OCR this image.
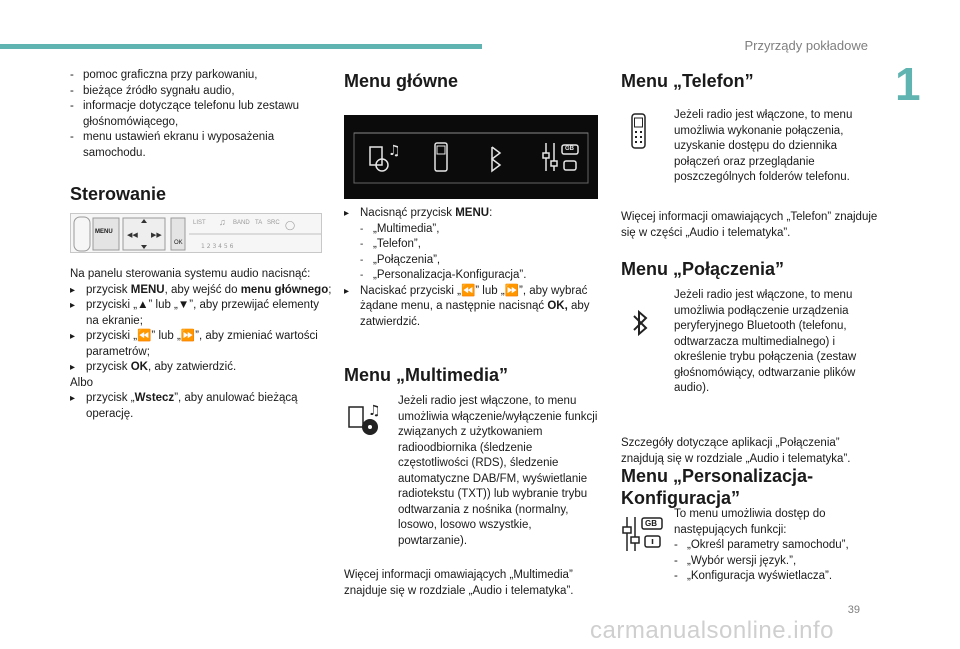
Przyrządy pokładowe
1
- pomoc graficzna przy parkowaniu,
- bieżące źródło sygnału audio,
- informacje dotyczące telefonu lub zestawu głośnomówiącego,
- menu ustawień ekranu i wyposażenia samochodu.
Sterowanie
◀◀ ▶▶
1 2 3 4 5 6
◯
MENU
OK
LIST ♫ BAND TA SRC

Na panelu sterowania systemu audio nacisnąć:

▸ przycisk MENU, aby wejść do menu głównego;
▸ przyciski „▲” lub „▼”, aby przewijać elementy na ekranie;
▸ przyciski „⏪” lub „⏩”, aby zmieniać wartości parametrów;
▸ przycisk OK, aby zatwierdzić.

Albo

▸ przycisk „Wstecz”, aby anulować bieżącą operację.
Menu główne
♫	GB
▸ Nacisnąć przycisk MENU:
- „Multimedia”,
- „Telefon”,
- „Połączenia”,
- „Personalizacja-Konfiguracja”.
▸ Naciskać przyciski „⏪” lub „⏩”, aby wybrać żądane menu, a następnie nacisnąć OK, aby zatwierdzić.
Menu „Multimedia”
♫
Jeżeli radio jest włączone, to menu umożliwia włączenie/wyłączenie funkcji związanych z użytkowaniem radioodbiornika (śledzenie częstotliwości (RDS), śledzenie automatyczne DAB/FM, wyświetlanie radiotekstu (TXT)) lub wybranie trybu odtwarzania z nośnika (normalny, losowo, losowo wszystkie, powtarzanie).
Więcej informacji omawiających „Multimedia” znajduje się w rozdziale „Audio i telematyka”.
Menu „Telefon”
Jeżeli radio jest włączone, to menu umożliwia wykonanie połączenia, uzyskanie dostępu do dziennika połączeń oraz przeglądanie poszczególnych folderów telefonu.
Więcej informacji omawiających „Telefon” znajduje się w części „Audio i telematyka”.
Menu „Połączenia”
Jeżeli radio jest włączone, to menu umożliwia podłączenie urządzenia peryferyjnego Bluetooth (telefonu, odtwarzacza multimedialnego) i określenie trybu połączenia (zestaw głośnomówiący, odtwarzanie plików audio).
Szczegóły dotyczące aplikacji „Połączenia” znajdują się w rozdziale „Audio i telematyka”.
Menu „Personalizacja-Konfiguracja”
GB

To menu umożliwia dostęp do następujących funkcji:

- „Określ parametry samochodu”,
- „Wybór wersji język.”,
- „Konfiguracja wyświetlacza”.
39
carmanualsonline.info
